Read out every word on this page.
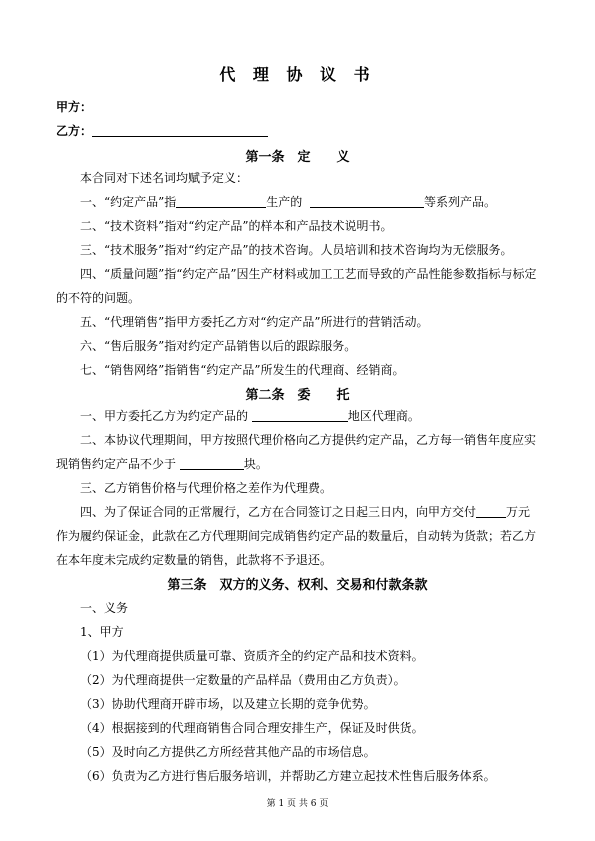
代 理 协 议 书
甲方：
乙方：
第一条　定　　义
本合同对下述名词均赋予定义：
一、“约定产品”指	生产的	等系列产品。
二、“技术资料”指对“约定产品”的样本和产品技术说明书。
三、“技术服务”指对“约定产品”的技术咨询。人员培训和技术咨询均为无偿服务。
四、“质量问题”指“约定产品”因生产材料或加工工艺而导致的产品性能参数指标与标定的不符的问题。
五、“代理销售”指甲方委托乙方对“约定产品”所进行的营销活动。
六、“售后服务”指对约定产品销售以后的跟踪服务。
七、“销售网络”指销售“约定产品”所发生的代理商、经销商。
第二条　委　　托
一、甲方委托乙方为约定产品的	地区代理商。
二、本协议代理期间，甲方按照代理价格向乙方提供约定产品，乙方每一销售年度应实现销售约定产品不少于	块。
三、乙方销售价格与代理价格之差作为代理费。
四、为了保证合同的正常履行，乙方在合同签订之日起三日内，向甲方交付	万元作为履约保证金，此款在乙方代理期间完成销售约定产品的数量后，自动转为货款；若乙方在本年度未完成约定数量的销售，此款将不予退还。
第三条　双方的义务、权利、交易和付款条款
一、义务
1、甲方
（1）为代理商提供质量可靠、资质齐全的约定产品和技术资料。
（2）为代理商提供一定数量的产品样品（费用由乙方负责）。
（3）协助代理商开辟市场，以及建立长期的竞争优势。
（4）根据接到的代理商销售合同合理安排生产，保证及时供货。
（5）及时向乙方提供乙方所经营其他产品的市场信息。
（6）负责为乙方进行售后服务培训，并帮助乙方建立起技术性售后服务体系。
第 1 页 共 6 页
